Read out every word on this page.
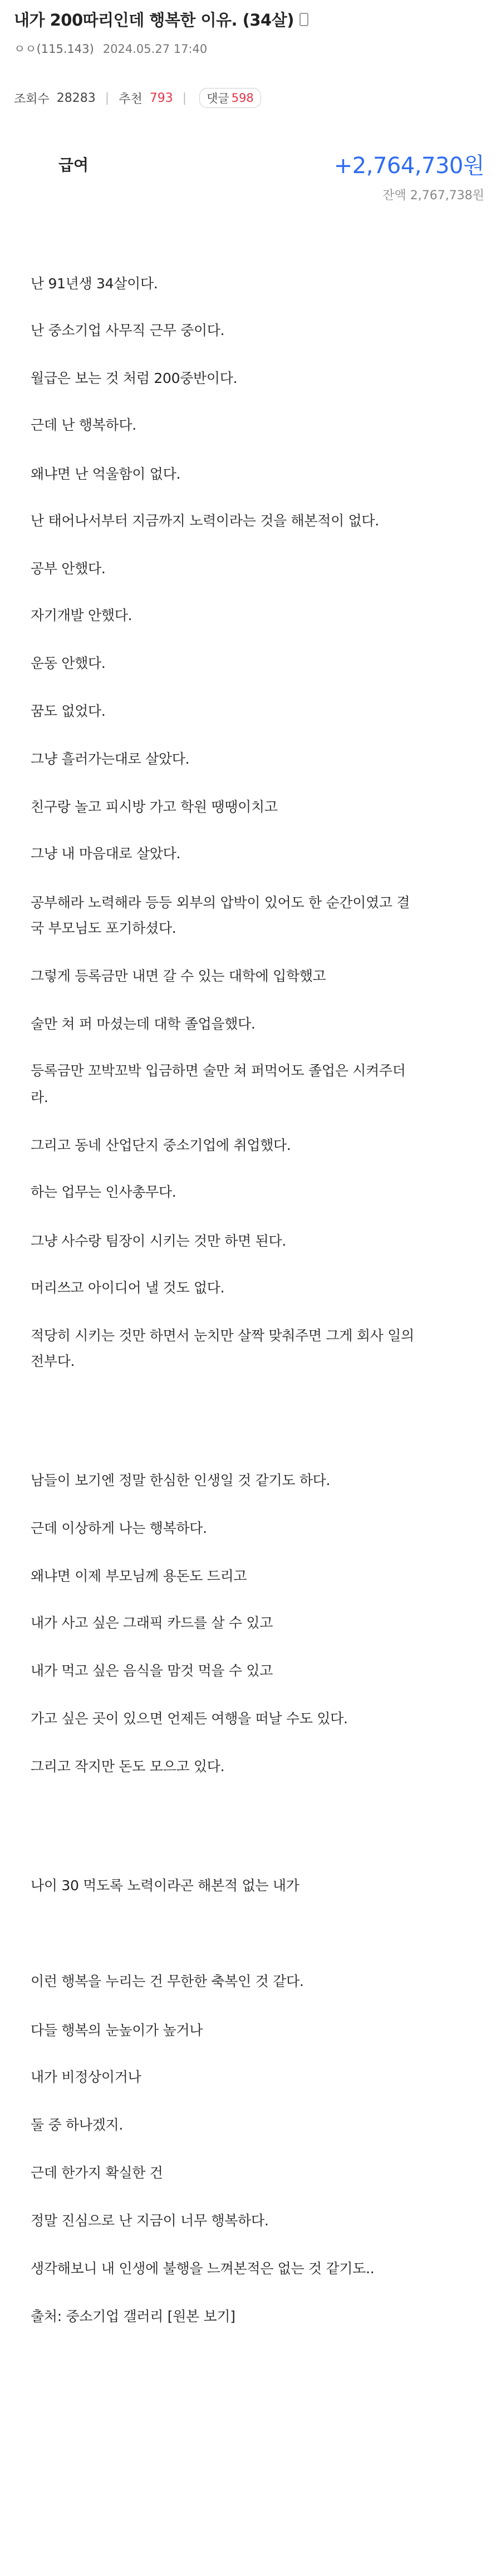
내가 200따리인데 행복한 이유. (34살)
ㅇㅇ(115.143) 2024.05.27 17:40
조회수 28283 | 추천 793 | 댓글 598
급여	+2,764,730원
잔액 2,767,738원
난 91년생 34살이다.
난 중소기업 사무직 근무 중이다.
월급은 보는 것 처럼 200중반이다.
근데 난 행복하다.
왜냐면 난 억울함이 없다.
난 태어나서부터 지금까지 노력이라는 것을 해본적이 없다.
공부 안했다.
자기개발 안했다.
운동 안했다.
꿈도 없었다.
그냥 흘러가는대로 살았다.
친구랑 놀고 피시방 가고 학원 땡땡이치고
그냥 내 마음대로 살았다.
공부해라 노력해라 등등 외부의 압박이 있어도 한 순간이였고 결
국 부모님도 포기하셨다.
그렇게 등록금만 내면 갈 수 있는 대학에 입학했고
술만 쳐 퍼 마셨는데 대학 졸업을했다.
등록금만 꼬박꼬박 입금하면 술만 쳐 퍼먹어도 졸업은 시켜주더
라.
그리고 동네 산업단지 중소기업에 취업했다.
하는 업무는 인사총무다.
그냥 사수랑 팀장이 시키는 것만 하면 된다.
머리쓰고 아이디어 낼 것도 없다.
적당히 시키는 것만 하면서 눈치만 살짝 맞춰주면 그게 회사 일의
전부다.
남들이 보기엔 정말 한심한 인생일 것 같기도 하다.
근데 이상하게 나는 행복하다.
왜냐면 이제 부모님께 용돈도 드리고
내가 사고 싶은 그래픽 카드를 살 수 있고
내가 먹고 싶은 음식을 맘것 먹을 수 있고
가고 싶은 곳이 있으면 언제든 여행을 떠날 수도 있다.
그리고 작지만 돈도 모으고 있다.
나이 30 먹도록 노력이라곤 해본적 없는 내가
이런 행복을 누리는 건 무한한 축복인 것 같다.
다들 행복의 눈높이가 높거나
내가 비정상이거나
둘 중 하나겠지.
근데 한가지 확실한 건
정말 진심으로 난 지금이 너무 행복하다.
생각해보니 내 인생에 불행을 느껴본적은 없는 것 같기도..
출처: 중소기업 갤러리 [원본 보기]
